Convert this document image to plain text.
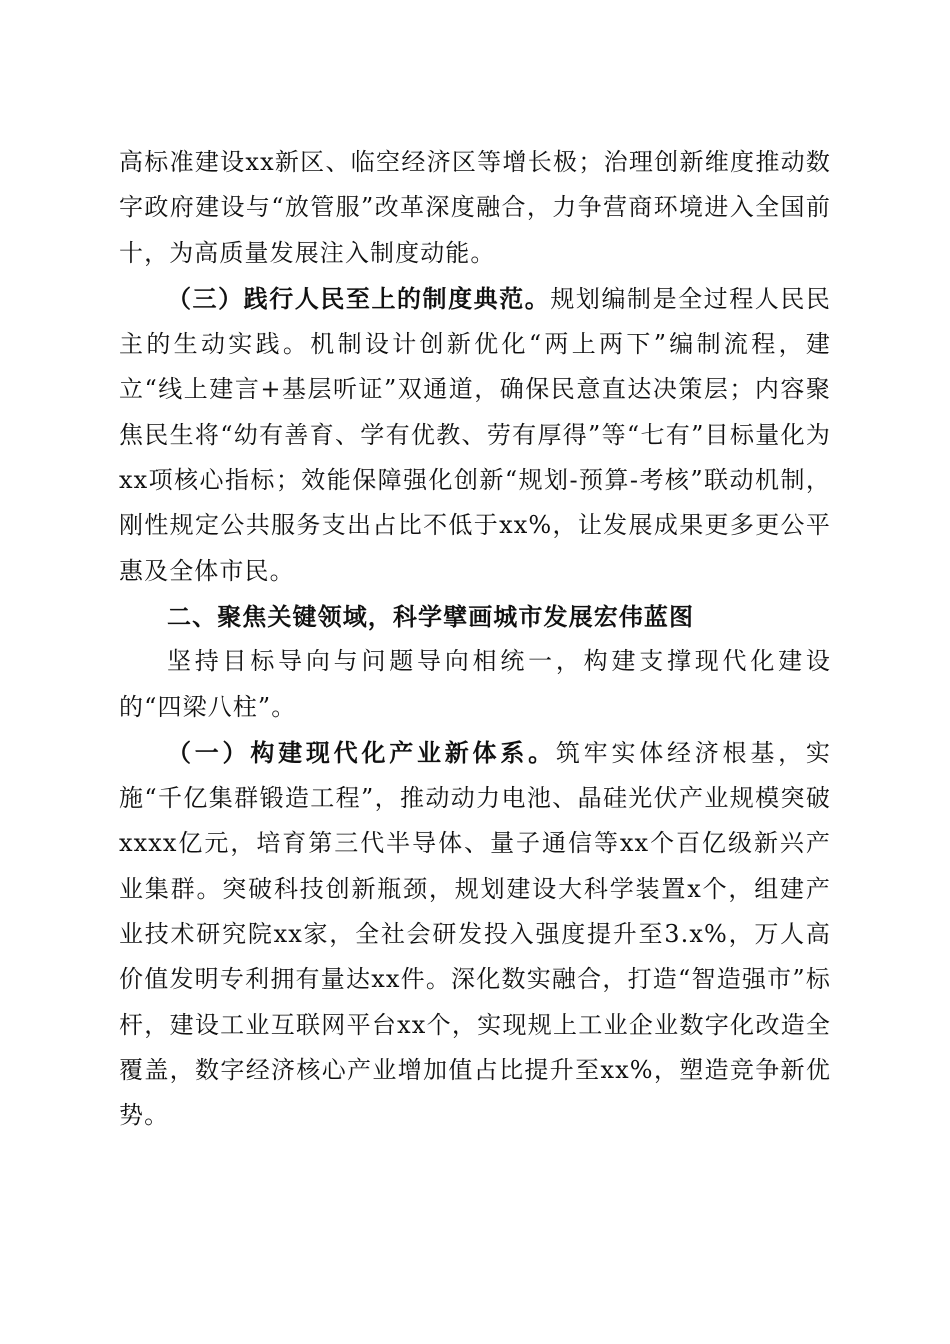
高标准建设xx新区、临空经济区等增长极；治理创新维度推动数字政府建设与“放管服”改革深度融合，力争营商环境进入全国前十，为高质量发展注入制度动能。

（三）践行人民至上的制度典范。规划编制是全过程人民民主的生动实践。机制设计创新优化“两上两下”编制流程，建立“线上建言+基层听证”双通道，确保民意直达决策层；内容聚焦民生将“幼有善育、学有优教、劳有厚得”等“七有”目标量化为xx项核心指标；效能保障强化创新“规划-预算-考核”联动机制，刚性规定公共服务支出占比不低于xx%，让发展成果更多更公平惠及全体市民。

二、聚焦关键领域，科学擘画城市发展宏伟蓝图

坚持目标导向与问题导向相统一，构建支撑现代化建设的“四梁八柱”。

（一）构建现代化产业新体系。筑牢实体经济根基，实施“千亿集群锻造工程”，推动动力电池、晶硅光伏产业规模突破xxxx亿元，培育第三代半导体、量子通信等xx个百亿级新兴产业集群。突破科技创新瓶颈，规划建设大科学装置x个，组建产业技术研究院xx家，全社会研发投入强度提升至3.x%，万人高价值发明专利拥有量达xx件。深化数实融合，打造“智造强市”标杆，建设工业互联网平台xx个，实现规上工业企业数字化改造全覆盖，数字经济核心产业增加值占比提升至xx%，塑造竞争新优势。
